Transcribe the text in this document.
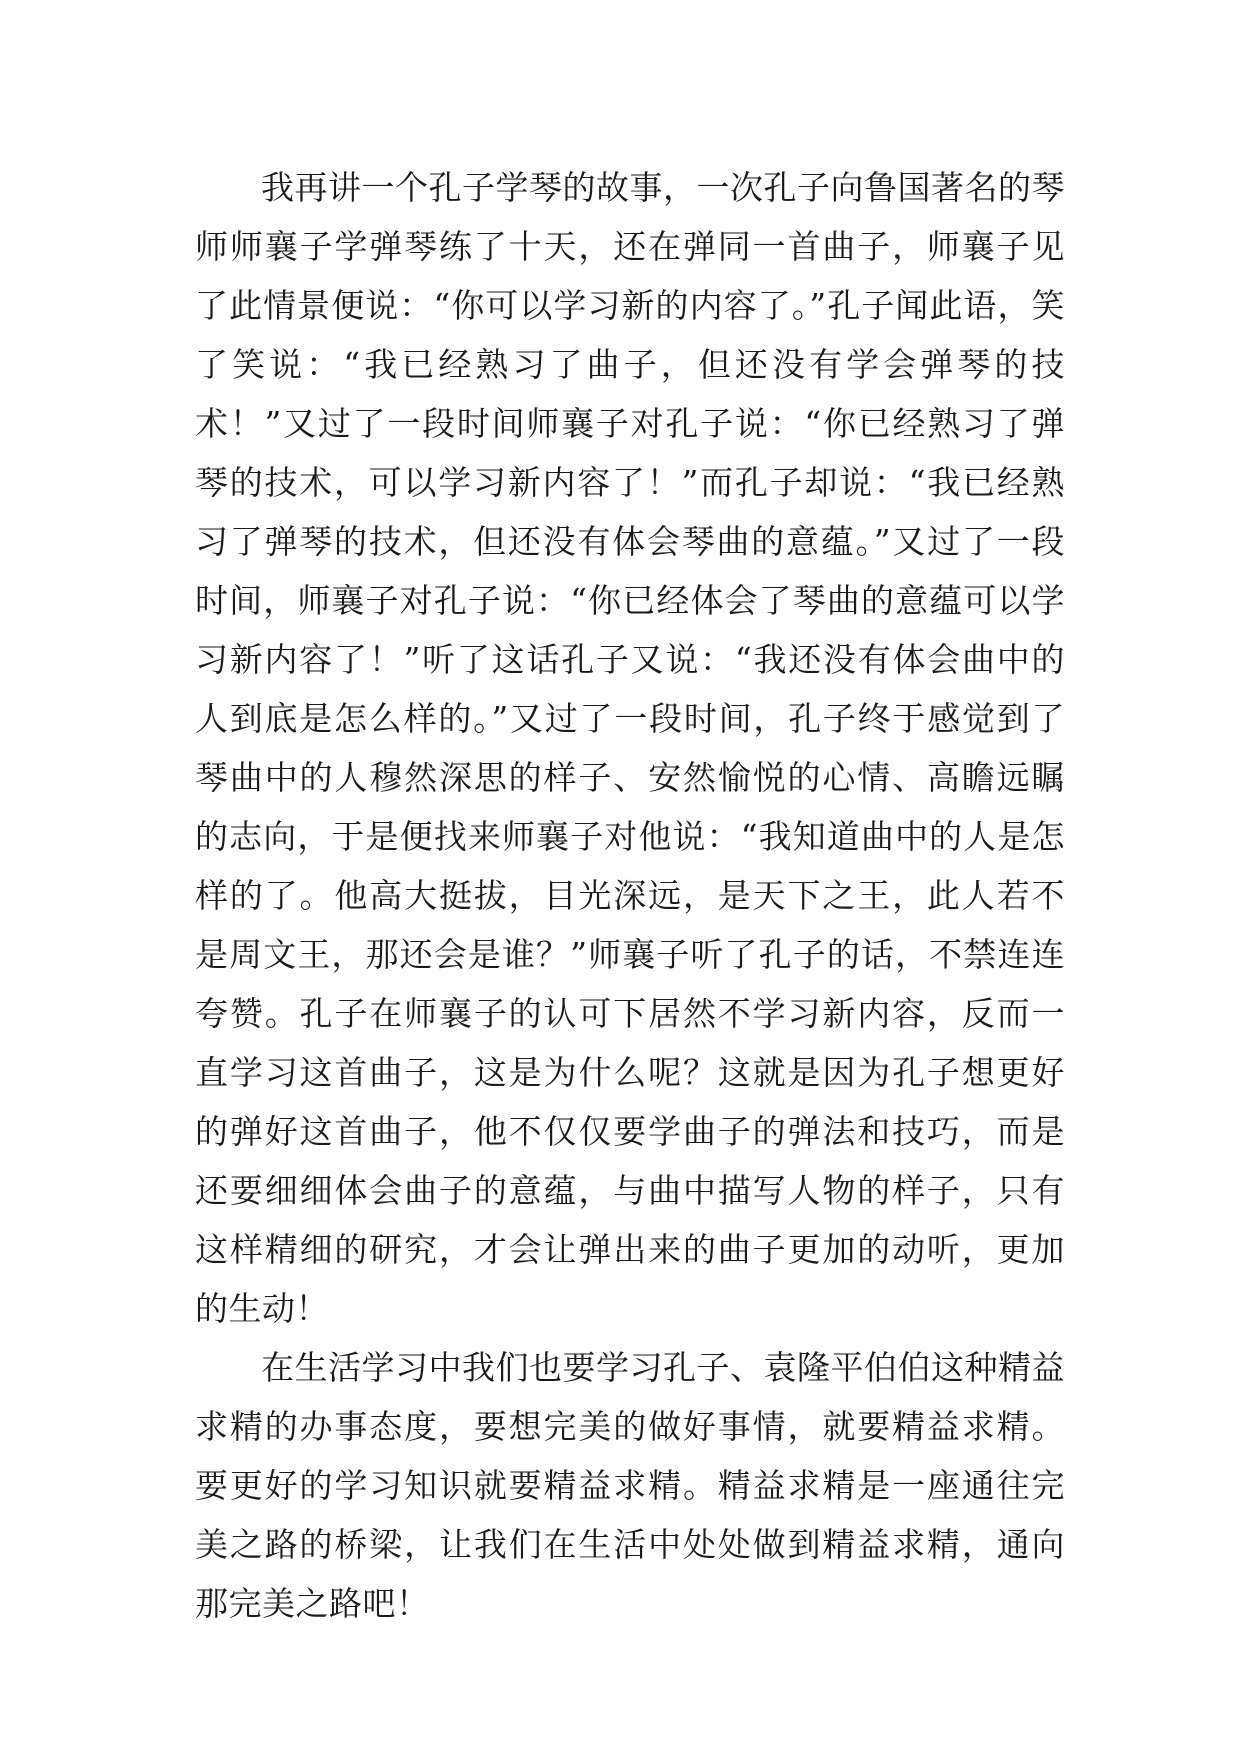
我再讲一个孔子学琴的故事，一次孔子向鲁国著名的琴师师襄子学弹琴练了十天，还在弹同一首曲子，师襄子见了此情景便说：“你可以学习新的内容了。”孔子闻此语，笑了笑说：“我已经熟习了曲子，但还没有学会弹琴的技术！”又过了一段时间师襄子对孔子说：“你已经熟习了弹琴的技术，可以学习新内容了！”而孔子却说：“我已经熟习了弹琴的技术，但还没有体会琴曲的意蕴。”又过了一段时间，师襄子对孔子说：“你已经体会了琴曲的意蕴可以学习新内容了！”听了这话孔子又说：“我还没有体会曲中的人到底是怎么样的。”又过了一段时间，孔子终于感觉到了琴曲中的人穆然深思的样子、安然愉悦的心情、高瞻远瞩的志向，于是便找来师襄子对他说：“我知道曲中的人是怎样的了。他高大挺拔，目光深远，是天下之王，此人若不是周文王，那还会是谁？”师襄子听了孔子的话，不禁连连夸赞。孔子在师襄子的认可下居然不学习新内容，反而一直学习这首曲子，这是为什么呢？这就是因为孔子想更好的弹好这首曲子，他不仅仅要学曲子的弹法和技巧，而是还要细细体会曲子的意蕴，与曲中描写人物的样子，只有这样精细的研究，才会让弹出来的曲子更加的动听，更加的生动！

在生活学习中我们也要学习孔子、袁隆平伯伯这种精益求精的办事态度，要想完美的做好事情，就要精益求精。要更好的学习知识就要精益求精。精益求精是一座通往完美之路的桥梁，让我们在生活中处处做到精益求精，通向那完美之路吧！
